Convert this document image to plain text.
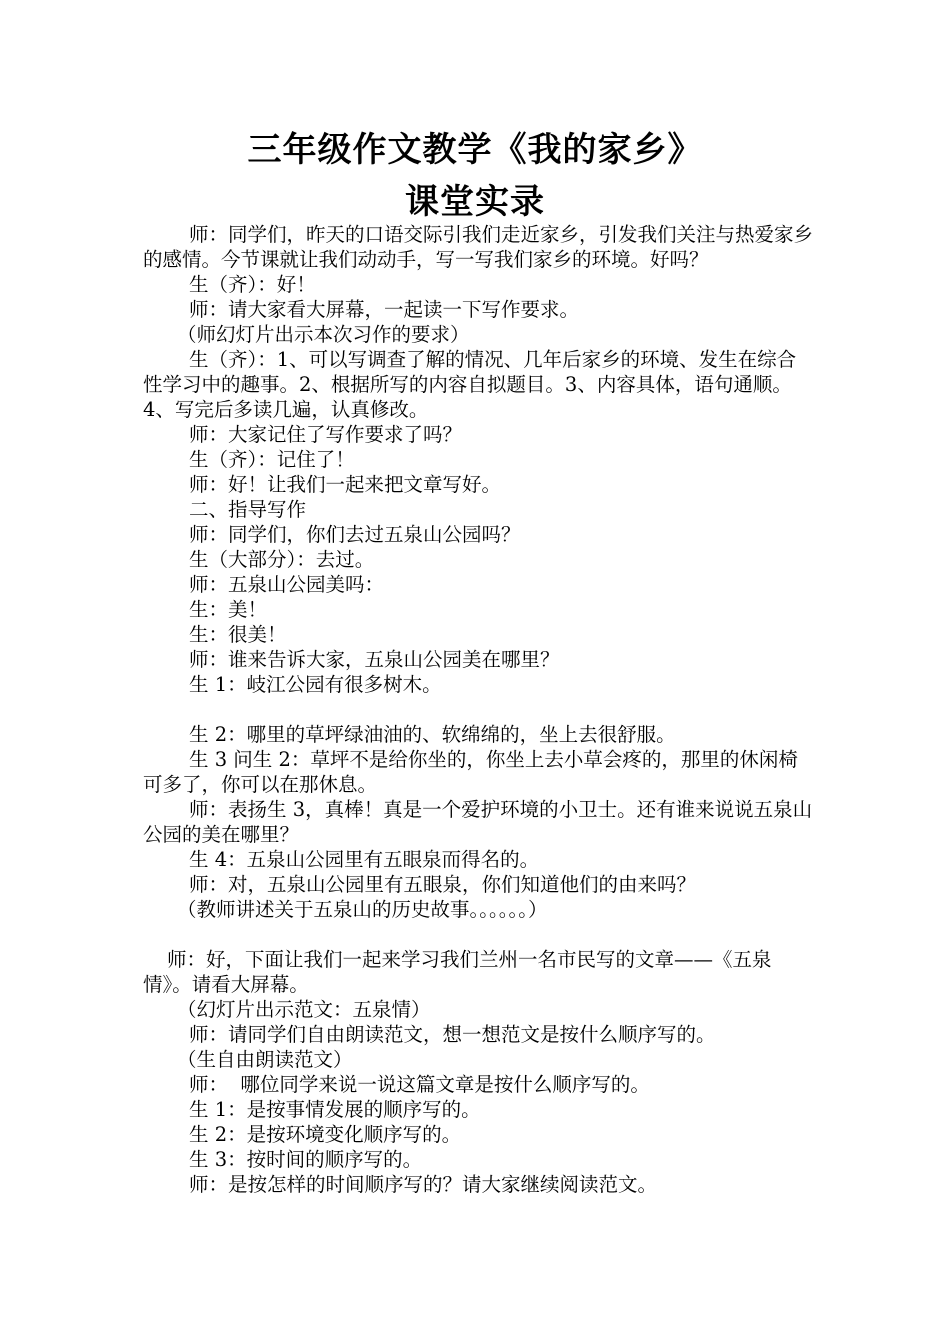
三年级作文教学《我的家乡》
课堂实录

师：同学们，昨天的口语交际引我们走近家乡，引发我们关注与热爱家乡的感情。今节课就让我们动动手，写一写我们家乡的环境。好吗？

生（齐）：好！

师：请大家看大屏幕，一起读一下写作要求。

（师幻灯片出示本次习作的要求）

生（齐）：1、可以写调查了解的情况、几年后家乡的环境、发生在综合性学习中的趣事。2、根据所写的内容自拟题目。3、内容具体，语句通顺。4、写完后多读几遍，认真修改。

师：大家记住了写作要求了吗？

生（齐）：记住了！

师：好！让我们一起来把文章写好。

二、指导写作

师：同学们，你们去过五泉山公园吗？

生（大部分）：去过。

师：五泉山公园美吗：

生：美！

生：很美！

师：谁来告诉大家，五泉山公园美在哪里？

生 1：岐江公园有很多树木。

生 2：哪里的草坪绿油油的、软绵绵的，坐上去很舒服。

生 3 问生 2：草坪不是给你坐的，你坐上去小草会疼的，那里的休闲椅可多了，你可以在那休息。

师：表扬生 3，真棒！真是一个爱护环境的小卫士。还有谁来说说五泉山公园的美在哪里？

生 4：五泉山公园里有五眼泉而得名的。

师：对，五泉山公园里有五眼泉，你们知道他们的由来吗？

（教师讲述关于五泉山的历史故事。。。。。。）

师：好，下面让我们一起来学习我们兰州一名市民写的文章——《五泉情》。请看大屏幕。

（幻灯片出示范文：五泉情）

师：请同学们自由朗读范文，想一想范文是按什么顺序写的。

（生自由朗读范文）

师：  哪位同学来说一说这篇文章是按什么顺序写的。

生 1：是按事情发展的顺序写的。

生 2：是按环境变化顺序写的。

生 3：按时间的顺序写的。

师：是按怎样的时间顺序写的？请大家继续阅读范文。
